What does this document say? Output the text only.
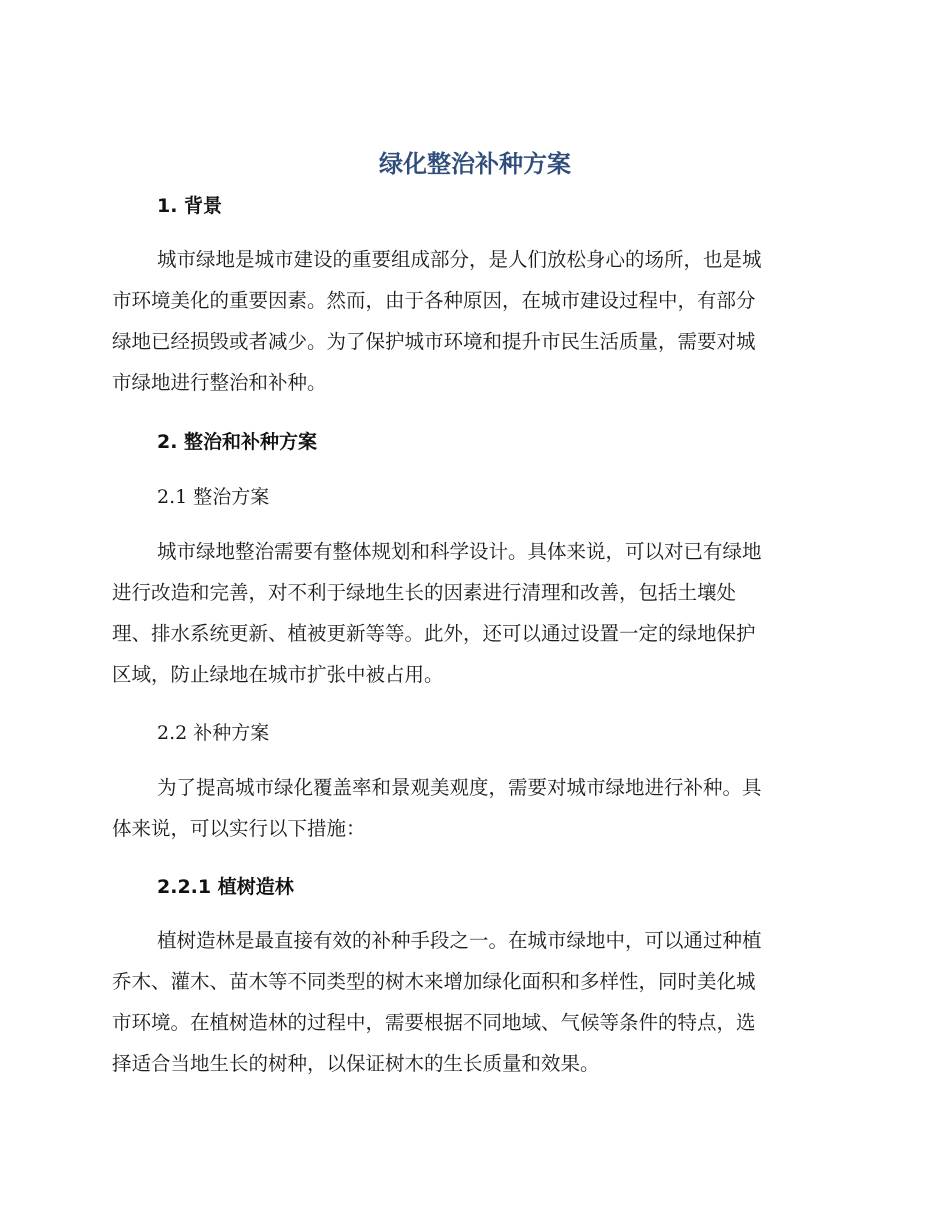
绿化整治补种方案
1. 背景

城市绿地是城市建设的重要组成部分，是人们放松身心的场所，也是城
市环境美化的重要因素。然而，由于各种原因，在城市建设过程中，有部分
绿地已经损毁或者减少。为了保护城市环境和提升市民生活质量，需要对城
市绿地进行整治和补种。

2. 整治和补种方案
2.1 整治方案

城市绿地整治需要有整体规划和科学设计。具体来说，可以对已有绿地
进行改造和完善，对不利于绿地生长的因素进行清理和改善，包括土壤处
理、排水系统更新、植被更新等等。此外，还可以通过设置一定的绿地保护
区域，防止绿地在城市扩张中被占用。

2.2 补种方案

为了提高城市绿化覆盖率和景观美观度，需要对城市绿地进行补种。具
体来说，可以实行以下措施：

2.2.1 植树造林

植树造林是最直接有效的补种手段之一。在城市绿地中，可以通过种植
乔木、灌木、苗木等不同类型的树木来增加绿化面积和多样性，同时美化城
市环境。在植树造林的过程中，需要根据不同地域、气候等条件的特点，选
择适合当地生长的树种，以保证树木的生长质量和效果。
